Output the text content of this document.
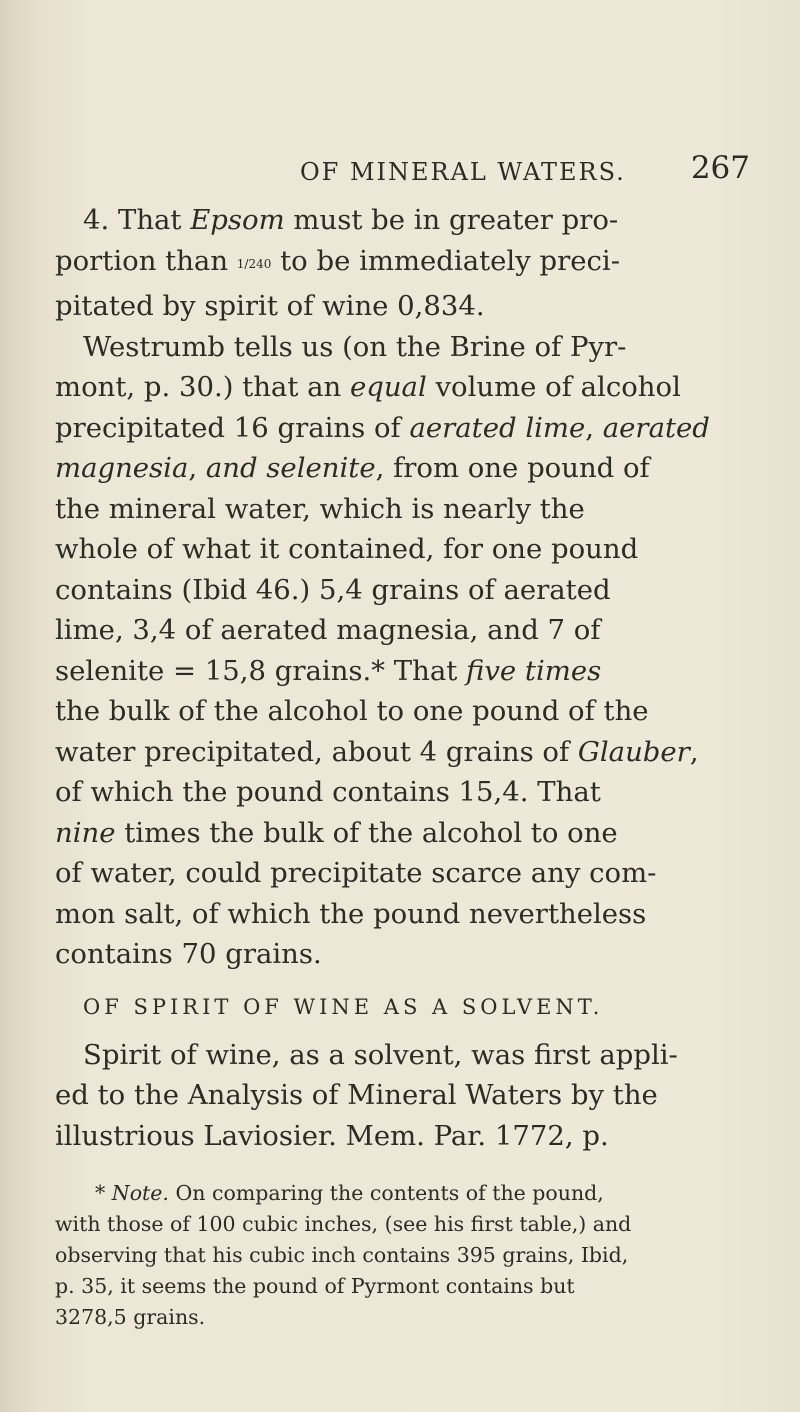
OF MINERAL WATERS. 267

4. That Epsom must be in greater pro-
portion than 1/240 to be immediately preci-
pitated by spirit of wine 0,834.
Westrumb tells us (on the Brine of Pyr-
mont, p. 30.) that an equal volume of alcohol
precipitated 16 grains of aerated lime, aerated
magnesia, and selenite, from one pound of
the mineral water, which is nearly the
whole of what it contained, for one pound
contains (Ibid 46.) 5,4 grains of aerated
lime, 3,4 of aerated magnesia, and 7 of
selenite = 15,8 grains.* That five times
the bulk of the alcohol to one pound of the
water precipitated, about 4 grains of Glauber,
of which the pound contains 15,4. That
nine times the bulk of the alcohol to one
of water, could precipitate scarce any com-
mon salt, of which the pound nevertheless
contains 70 grains.

OF SPIRIT OF WINE AS A SOLVENT.

Spirit of wine, as a solvent, was first appli-
ed to the Analysis of Mineral Waters by the
illustrious Laviosier. Mem. Par. 1772, p.

* Note. On comparing the contents of the pound,
with those of 100 cubic inches, (see his first table,) and
observing that his cubic inch contains 395 grains, Ibid,
p. 35, it seems the pound of Pyrmont contains but
3278,5 grains.
